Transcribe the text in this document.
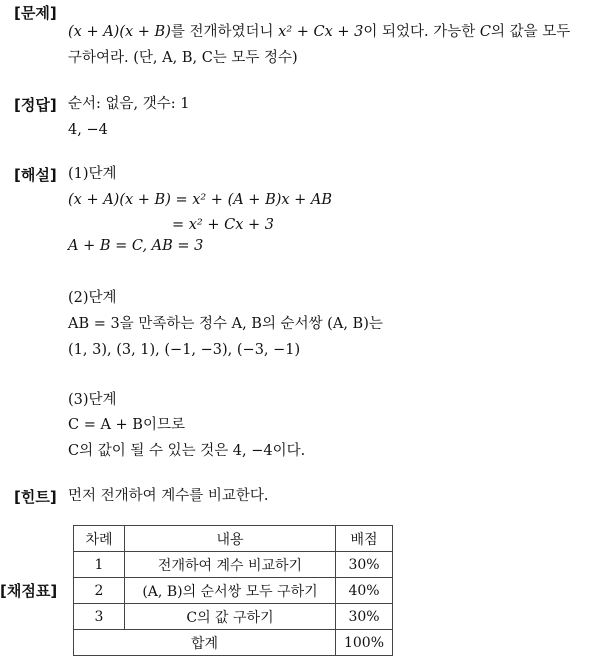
[문제]
(x + A)(x + B)를 전개하였더니 x² + Cx + 3이 되었다. 가능한 C의 값을 모두
구하여라. (단, A, B, C는 모두 정수)
[정답] 순서: 없음, 갯수: 1
4, −4
[해설] (1)단계
(x + A)(x + B) = x² + (A + B)x + AB
= x² + Cx + 3
A + B = C, AB = 3
(2)단계
AB = 3을 만족하는 정수 A, B의 순서쌍 (A, B)는
(1, 3), (3, 1), (−1, −3), (−3, −1)
(3)단계
C = A + B이므로
C의 값이 될 수 있는 것은 4, −4이다.
[힌트] 먼저 전개하여 계수를 비교한다.
[채점표]
차례	내용	배점
1	전개하여 계수 비교하기	30%
2	(A, B)의 순서쌍 모두 구하기	40%
3	C의 값 구하기	30%
합계		100%
